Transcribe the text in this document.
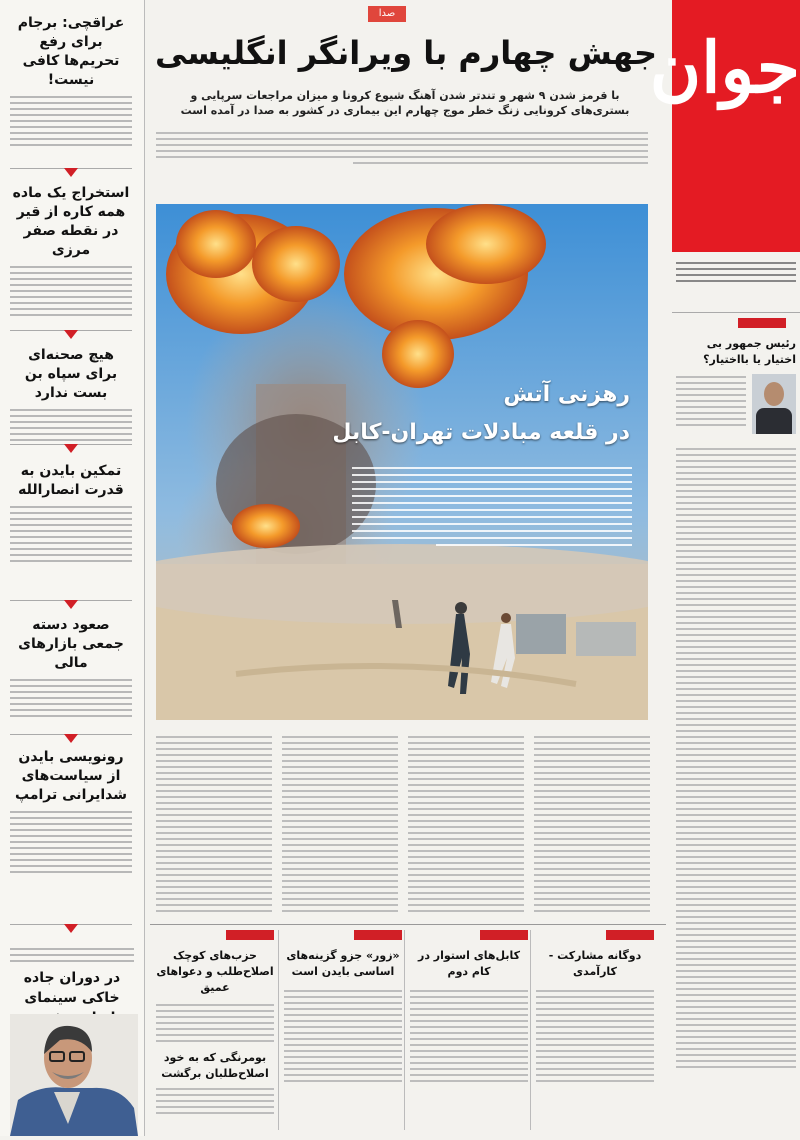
عراقچی: برجام برای رفع تحریم‌ها کافی نیست!
استخراج یک ماده همه کاره از قیر در نقطه صفر مرزی
هیچ صحنه‌ای برای سپاه بن بست ندارد
تمکین بایدن به قدرت انصارالله
صعود دسته جمعی بازارهای مالی
رونویسی بایدن از سیاست‌های شدایرانی ترامپ
در دوران جاده خاکی سینمای
جوان
رئیس جمهور بی اختیار یا بااختیار؟
صدا
جهش چهارم با ویرانگر انگلیسی
با قرمز شدن ۹ شهر و تندتر شدن آهنگ شیوع کرونا و میزان مراجعات سرپایی و بستری‌های کرونایی زنگ خطر موج چهارم این بیماری در کشور به صدا در آمده است
رهزنی آتش
در قلعه مبادلات تهران-کابل
دوگانه مشارکت - کارآمدی
کابل‌های استوار در کام دوم
«زور» جزو گزینه‌های اساسی بایدن است
حزب‌های کوچک اصلاح‌طلب و دعواهای عمیق
بومرنگی که به خود اصلاح‌طلبان برگشت
